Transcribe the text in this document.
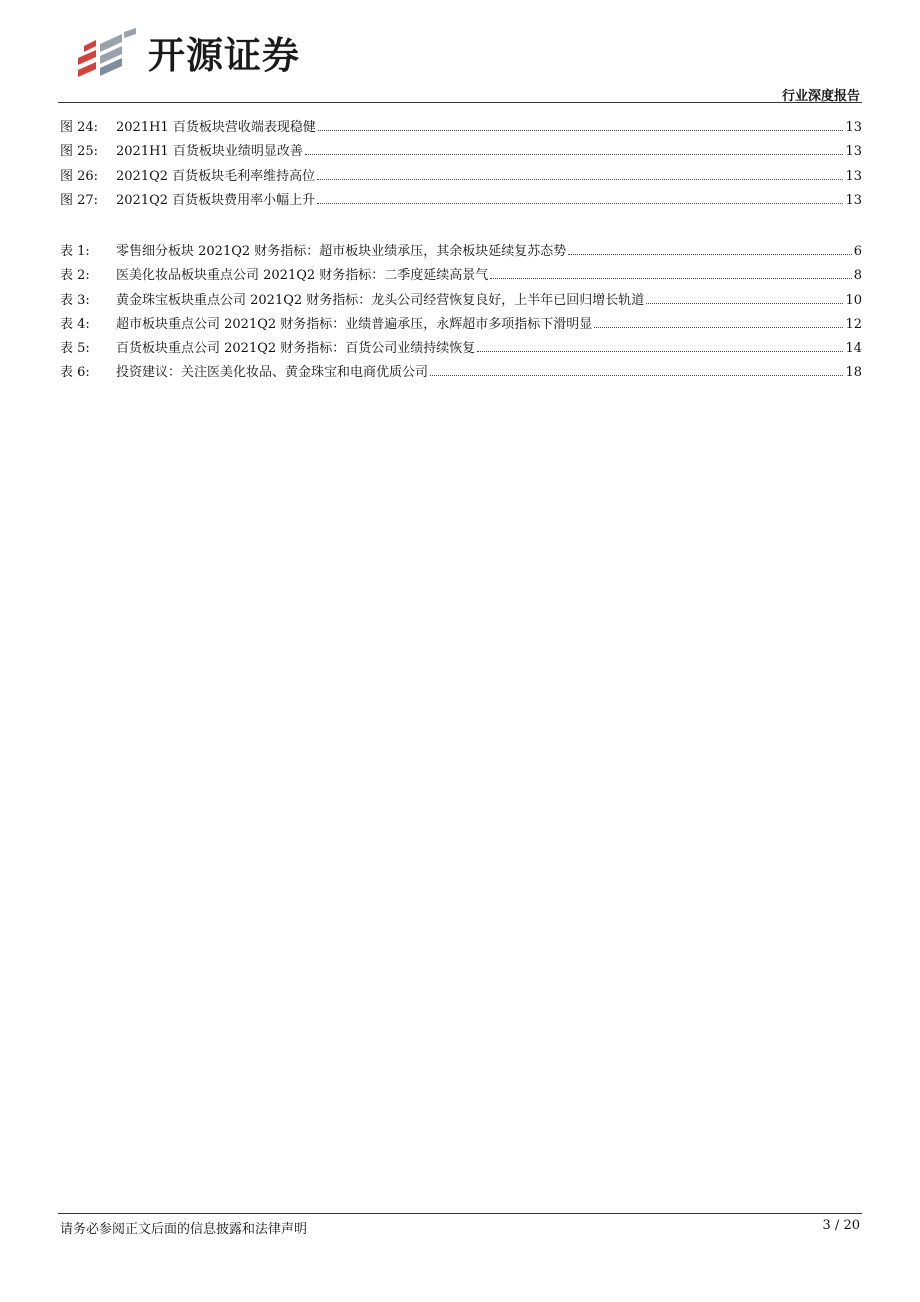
开源证券
行业深度报告
图 24:	2021H1 百货板块营收端表现稳健	13
图 25:	2021H1 百货板块业绩明显改善	13
图 26:	2021Q2 百货板块毛利率维持高位	13
图 27:	2021Q2 百货板块费用率小幅上升	13
表 1:	零售细分板块 2021Q2 财务指标：超市板块业绩承压，其余板块延续复苏态势	6
表 2:	医美化妆品板块重点公司 2021Q2 财务指标：二季度延续高景气	8
表 3:	黄金珠宝板块重点公司 2021Q2 财务指标：龙头公司经营恢复良好，上半年已回归增长轨道	10
表 4:	超市板块重点公司 2021Q2 财务指标：业绩普遍承压，永辉超市多项指标下滑明显	12
表 5:	百货板块重点公司 2021Q2 财务指标：百货公司业绩持续恢复	14
表 6:	投资建议：关注医美化妆品、黄金珠宝和电商优质公司	18
请务必参阅正文后面的信息披露和法律声明	3 / 20
